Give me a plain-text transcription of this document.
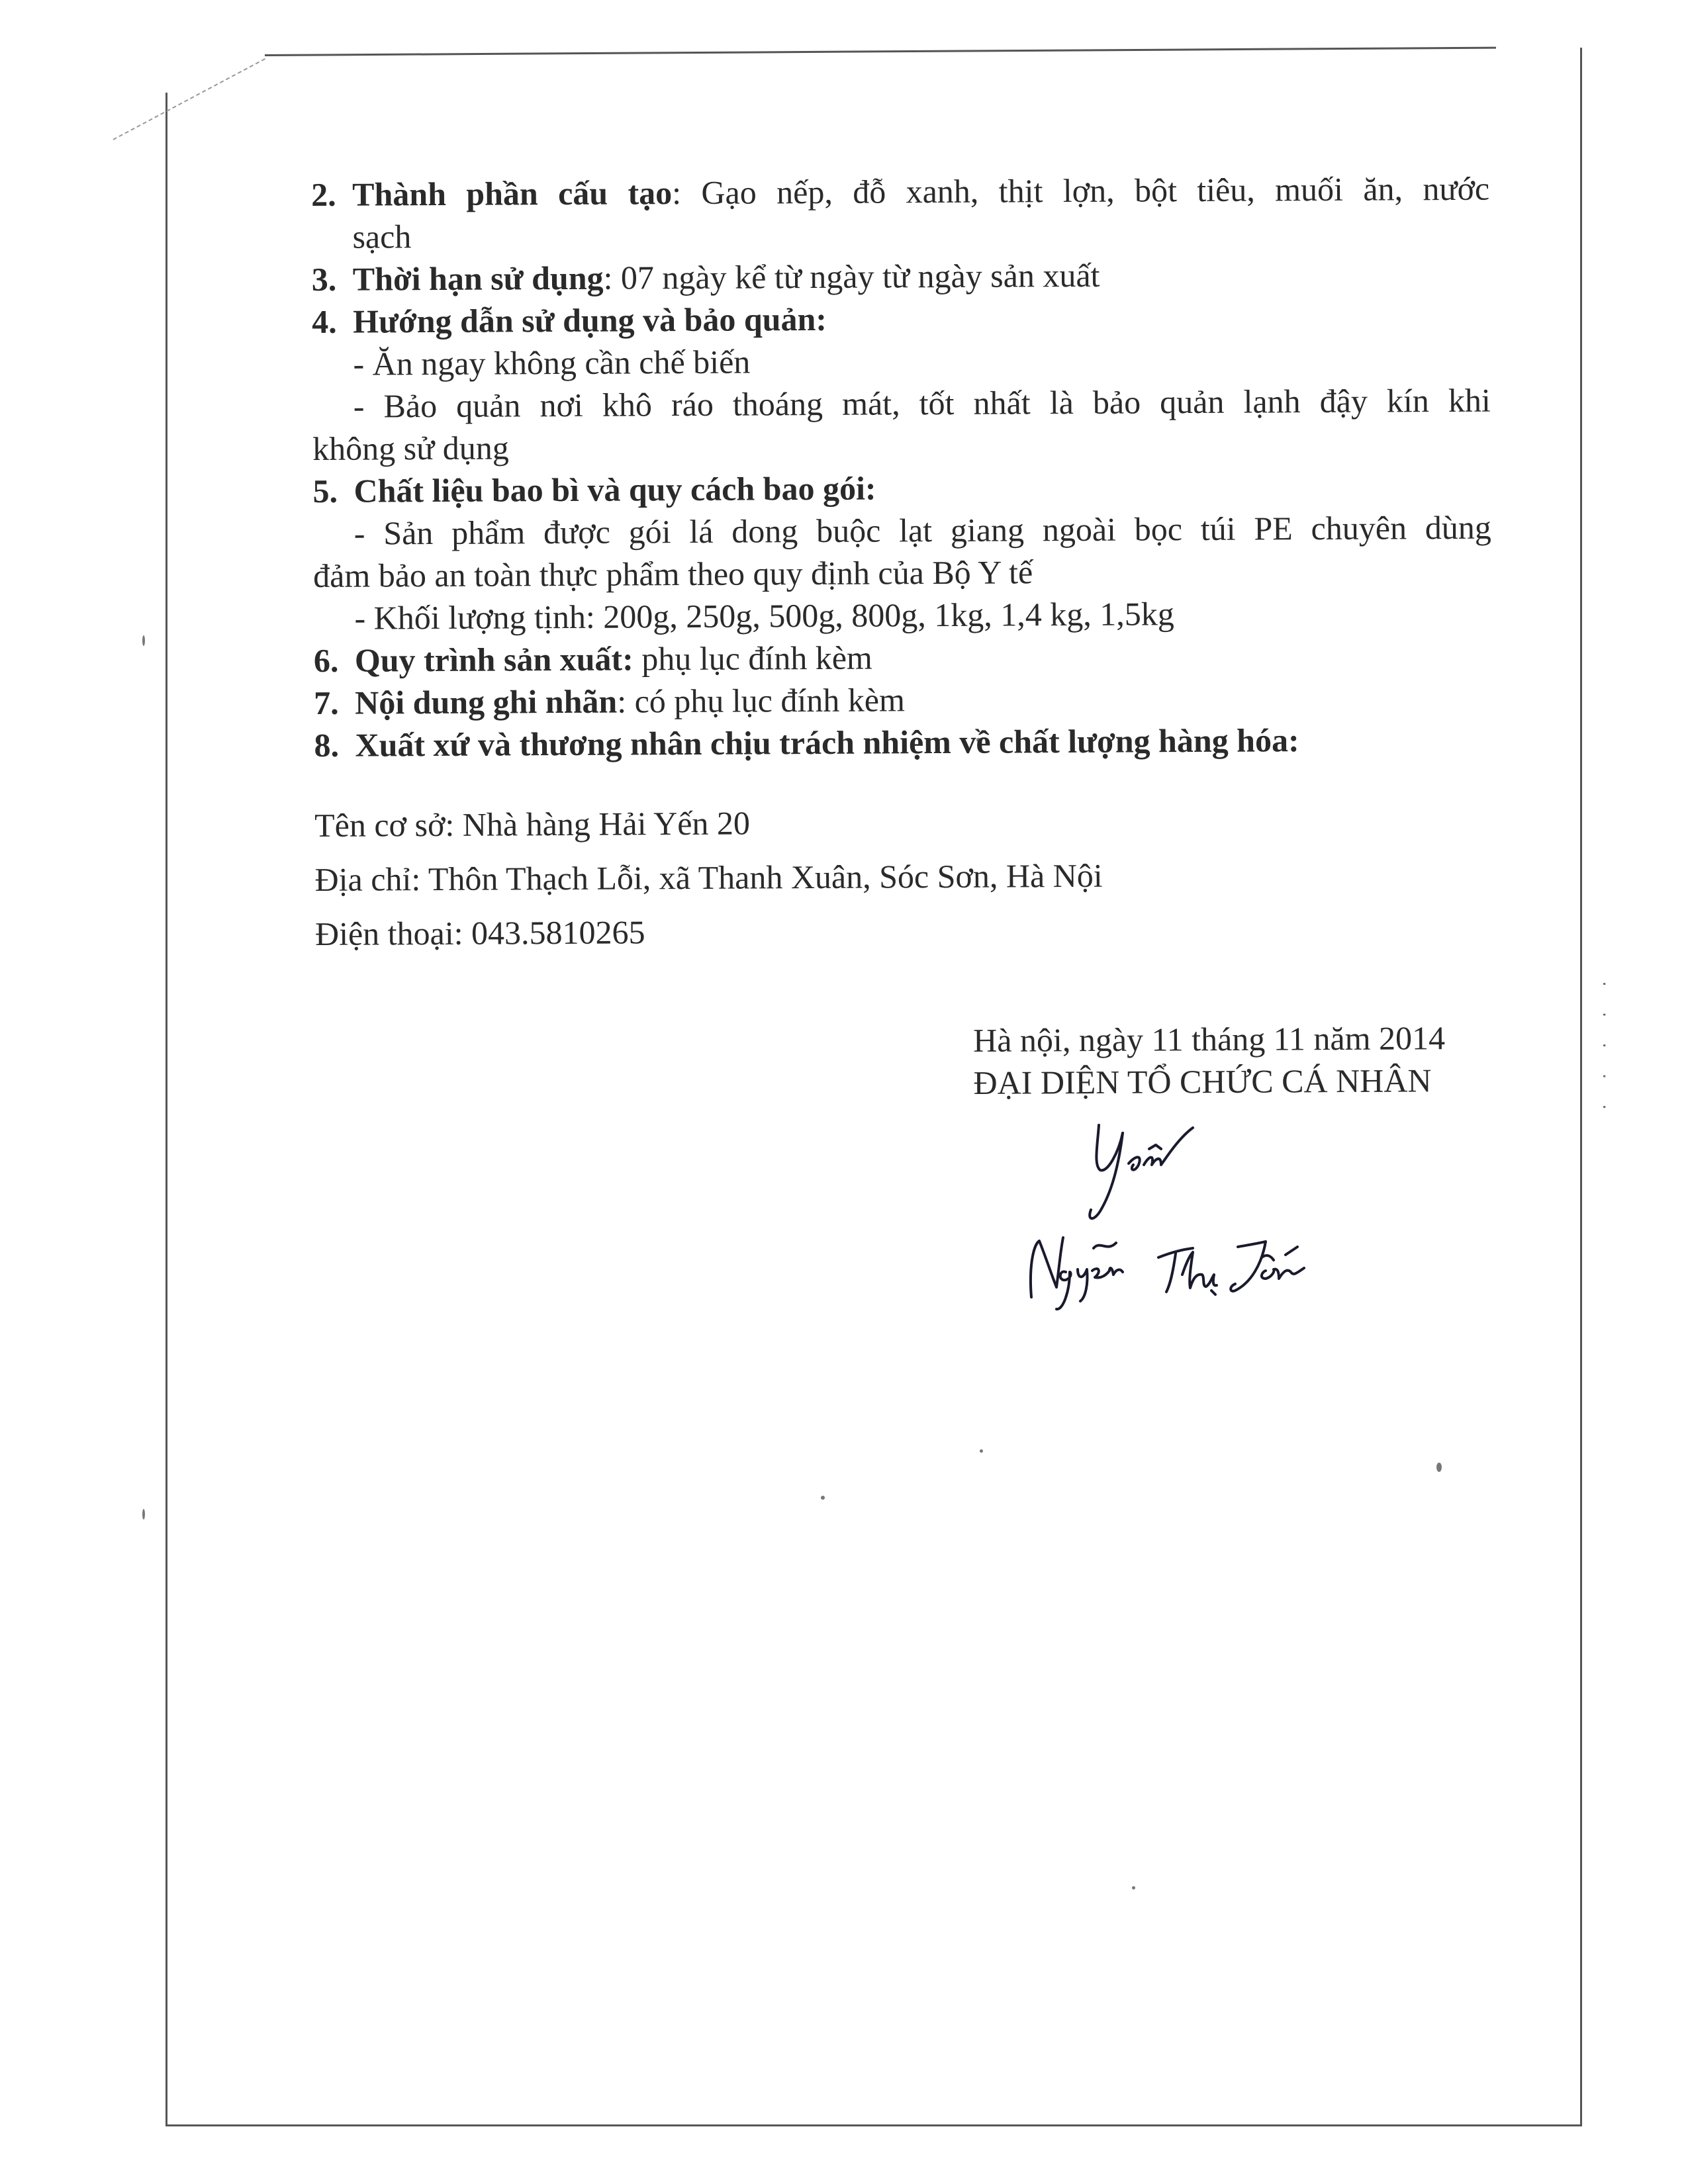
2. Thành phần cấu tạo: Gạo nếp, đỗ xanh, thịt lợn, bột tiêu, muối ăn, nước
sạch
3. Thời hạn sử dụng: 07 ngày kể từ ngày từ ngày sản xuất
4. Hướng dẫn sử dụng và bảo quản:
- Ăn ngay không cần chế biến
- Bảo quản nơi khô ráo thoáng mát, tốt nhất là bảo quản lạnh đậy kín khi
không sử dụng
5. Chất liệu bao bì và quy cách bao gói:
- Sản phẩm được gói lá dong buộc lạt giang ngoài bọc túi PE chuyên dùng
đảm bảo an toàn thực phẩm theo quy định của Bộ Y tế
- Khối lượng tịnh: 200g, 250g, 500g, 800g, 1kg, 1,4 kg, 1,5kg
6. Quy trình sản xuất: phụ lục đính kèm
7. Nội dung ghi nhãn: có phụ lục đính kèm
8. Xuất xứ và thương nhân chịu trách nhiệm về chất lượng hàng hóa:
Tên cơ sở: Nhà hàng Hải Yến 20
Địa chỉ: Thôn Thạch Lỗi, xã Thanh Xuân, Sóc Sơn, Hà Nội
Điện thoại: 043.5810265
Hà nội, ngày 11 tháng 11 năm 2014
ĐẠI DIỆN TỔ CHỨC CÁ NHÂN	· · · · ·
